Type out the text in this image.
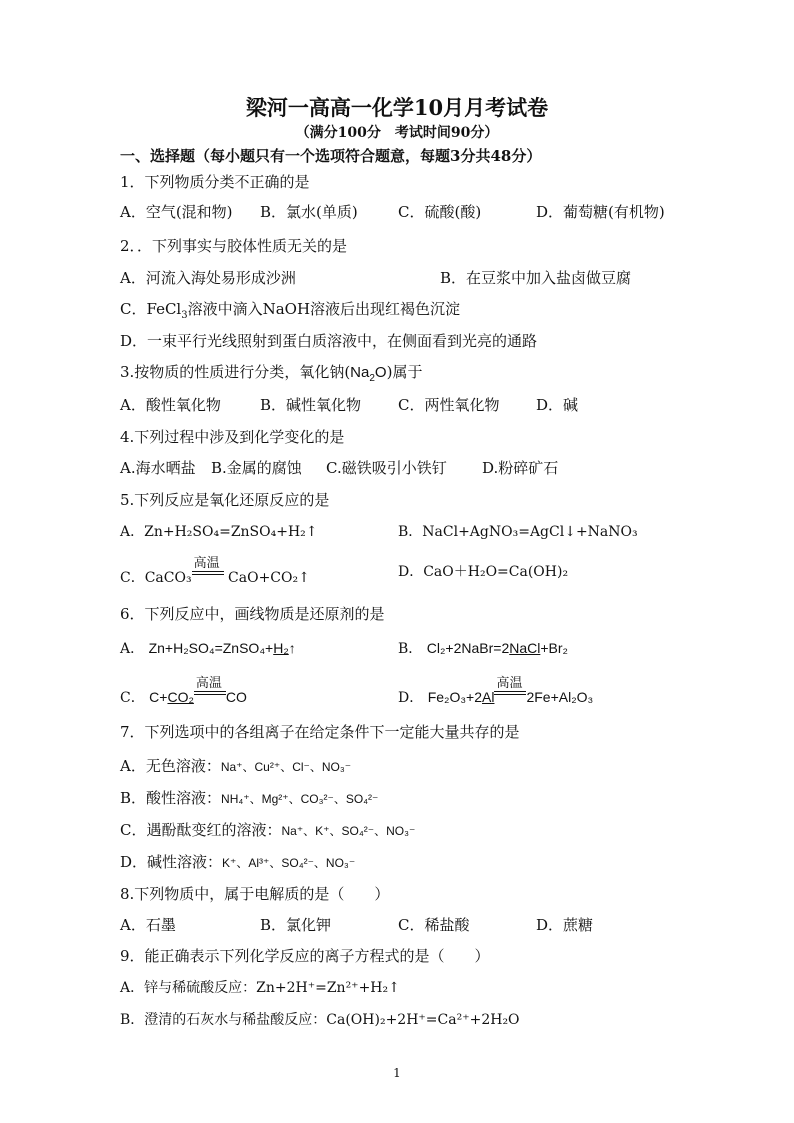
梁河一高高一化学10月月考试卷
（满分100分　考试时间90分）
一、选择题（每小题只有一个选项符合题意，每题3分共48分）
1．下列物质分类不正确的是
A．空气(混和物) B．氯水(单质)	C．硫酸(酸)	D．葡萄糖(有机物)
2．．下列事实与胶体性质无关的是
A．河流入海处易形成沙洲	B．在豆浆中加入盐卤做豆腐
C．FeCl$_3$溶液中滴入NaOH溶液后出现红褐色沉淀
D．一束平行光线照射到蛋白质溶液中，在侧面看到光亮的通路
3.按物质的性质进行分类，氧化钠$(Na_2O)$属于
A．酸性氧化物	B．碱性氧化物 C．两性氧化物 D．碱
4.下列过程中涉及到化学变化的是
A.海水晒盐 B.金属的腐蚀 C.磁铁吸引小铁钉 D.粉碎矿石
5.下列反应是氧化还原反应的是
A．Zn+H₂SO₄=ZnSO₄+H₂↑	B．NaCl+AgNO₃=AgCl↓+NaNO₃
C．CaCO₃
高温
CaO+CO₂↑	D．CaO＋H₂O=Ca(OH)₂
6．下列反应中，画线物质是还原剂的是
A． Zn+H₂SO₄=ZnSO₄+H₂↑	B． Cl₂+2NaBr=2NaCl+Br₂
C． C+CO₂
高温
CO	D． Fe₂O₃+2Al
高温
2Fe+Al₂O₃
7．下列选项中的各组离子在给定条件下一定能大量共存的是
A．无色溶液：Na⁺、Cu²⁺、Cl⁻、NO₃⁻
B．酸性溶液：NH₄⁺、Mg²⁺、CO₃²⁻、SO₄²⁻
C．遇酚酞变红的溶液：Na⁺、K⁺、SO₄²⁻、NO₃⁻
D．碱性溶液：K⁺、Al³⁺、SO₄²⁻、NO₃⁻
8.下列物质中，属于电解质的是（　　）
A．石墨	B．氯化钾	C．稀盐酸	D．蔗糖
9．能正确表示下列化学反应的离子方程式的是（　　）
A．锌与稀硫酸反应：Zn+2H⁺=Zn²⁺+H₂↑
B．澄清的石灰水与稀盐酸反应：Ca(OH)₂+2H⁺=Ca²⁺+2H₂O
1
